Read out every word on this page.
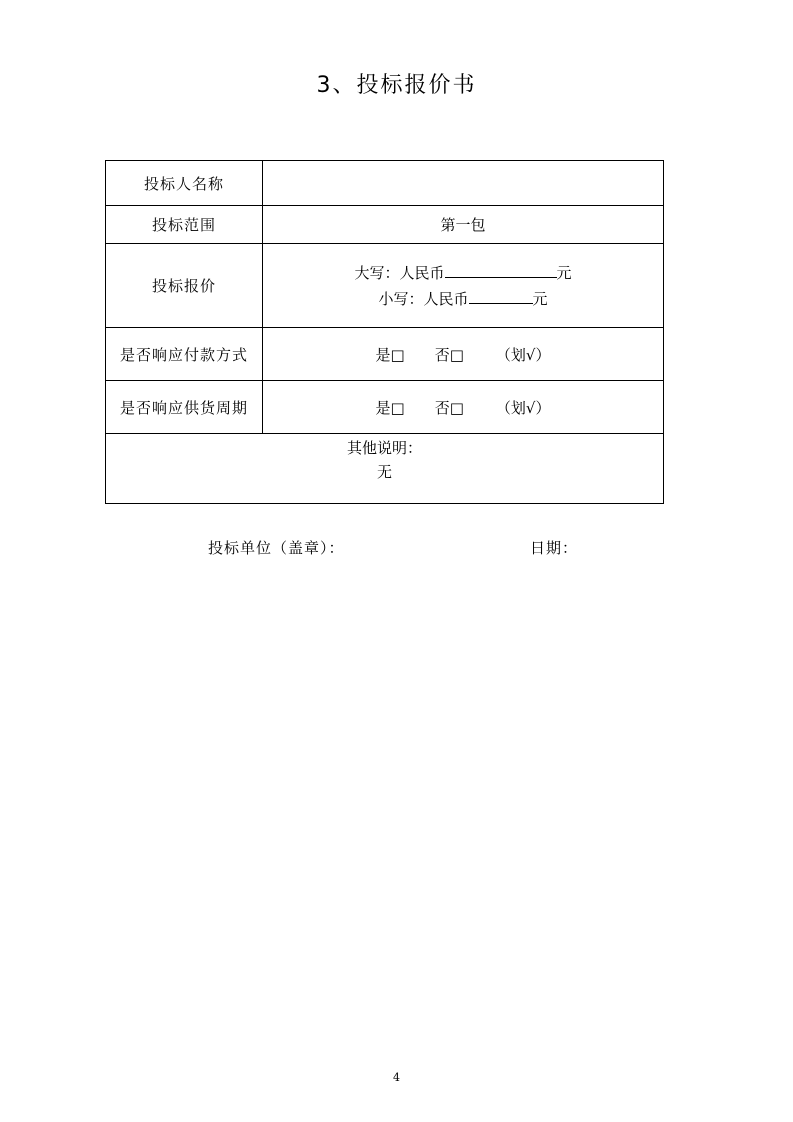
3、投标报价书
投标人名称	
投标范围	第一包
投标报价	大写：人民币 元
小写：人民币 元

是否响应付款方式	是□ 否□ （划√）
是否响应供货周期	是□ 否□ （划√）

其他说明：
无	
投标单位（盖章）：	日期：
4
